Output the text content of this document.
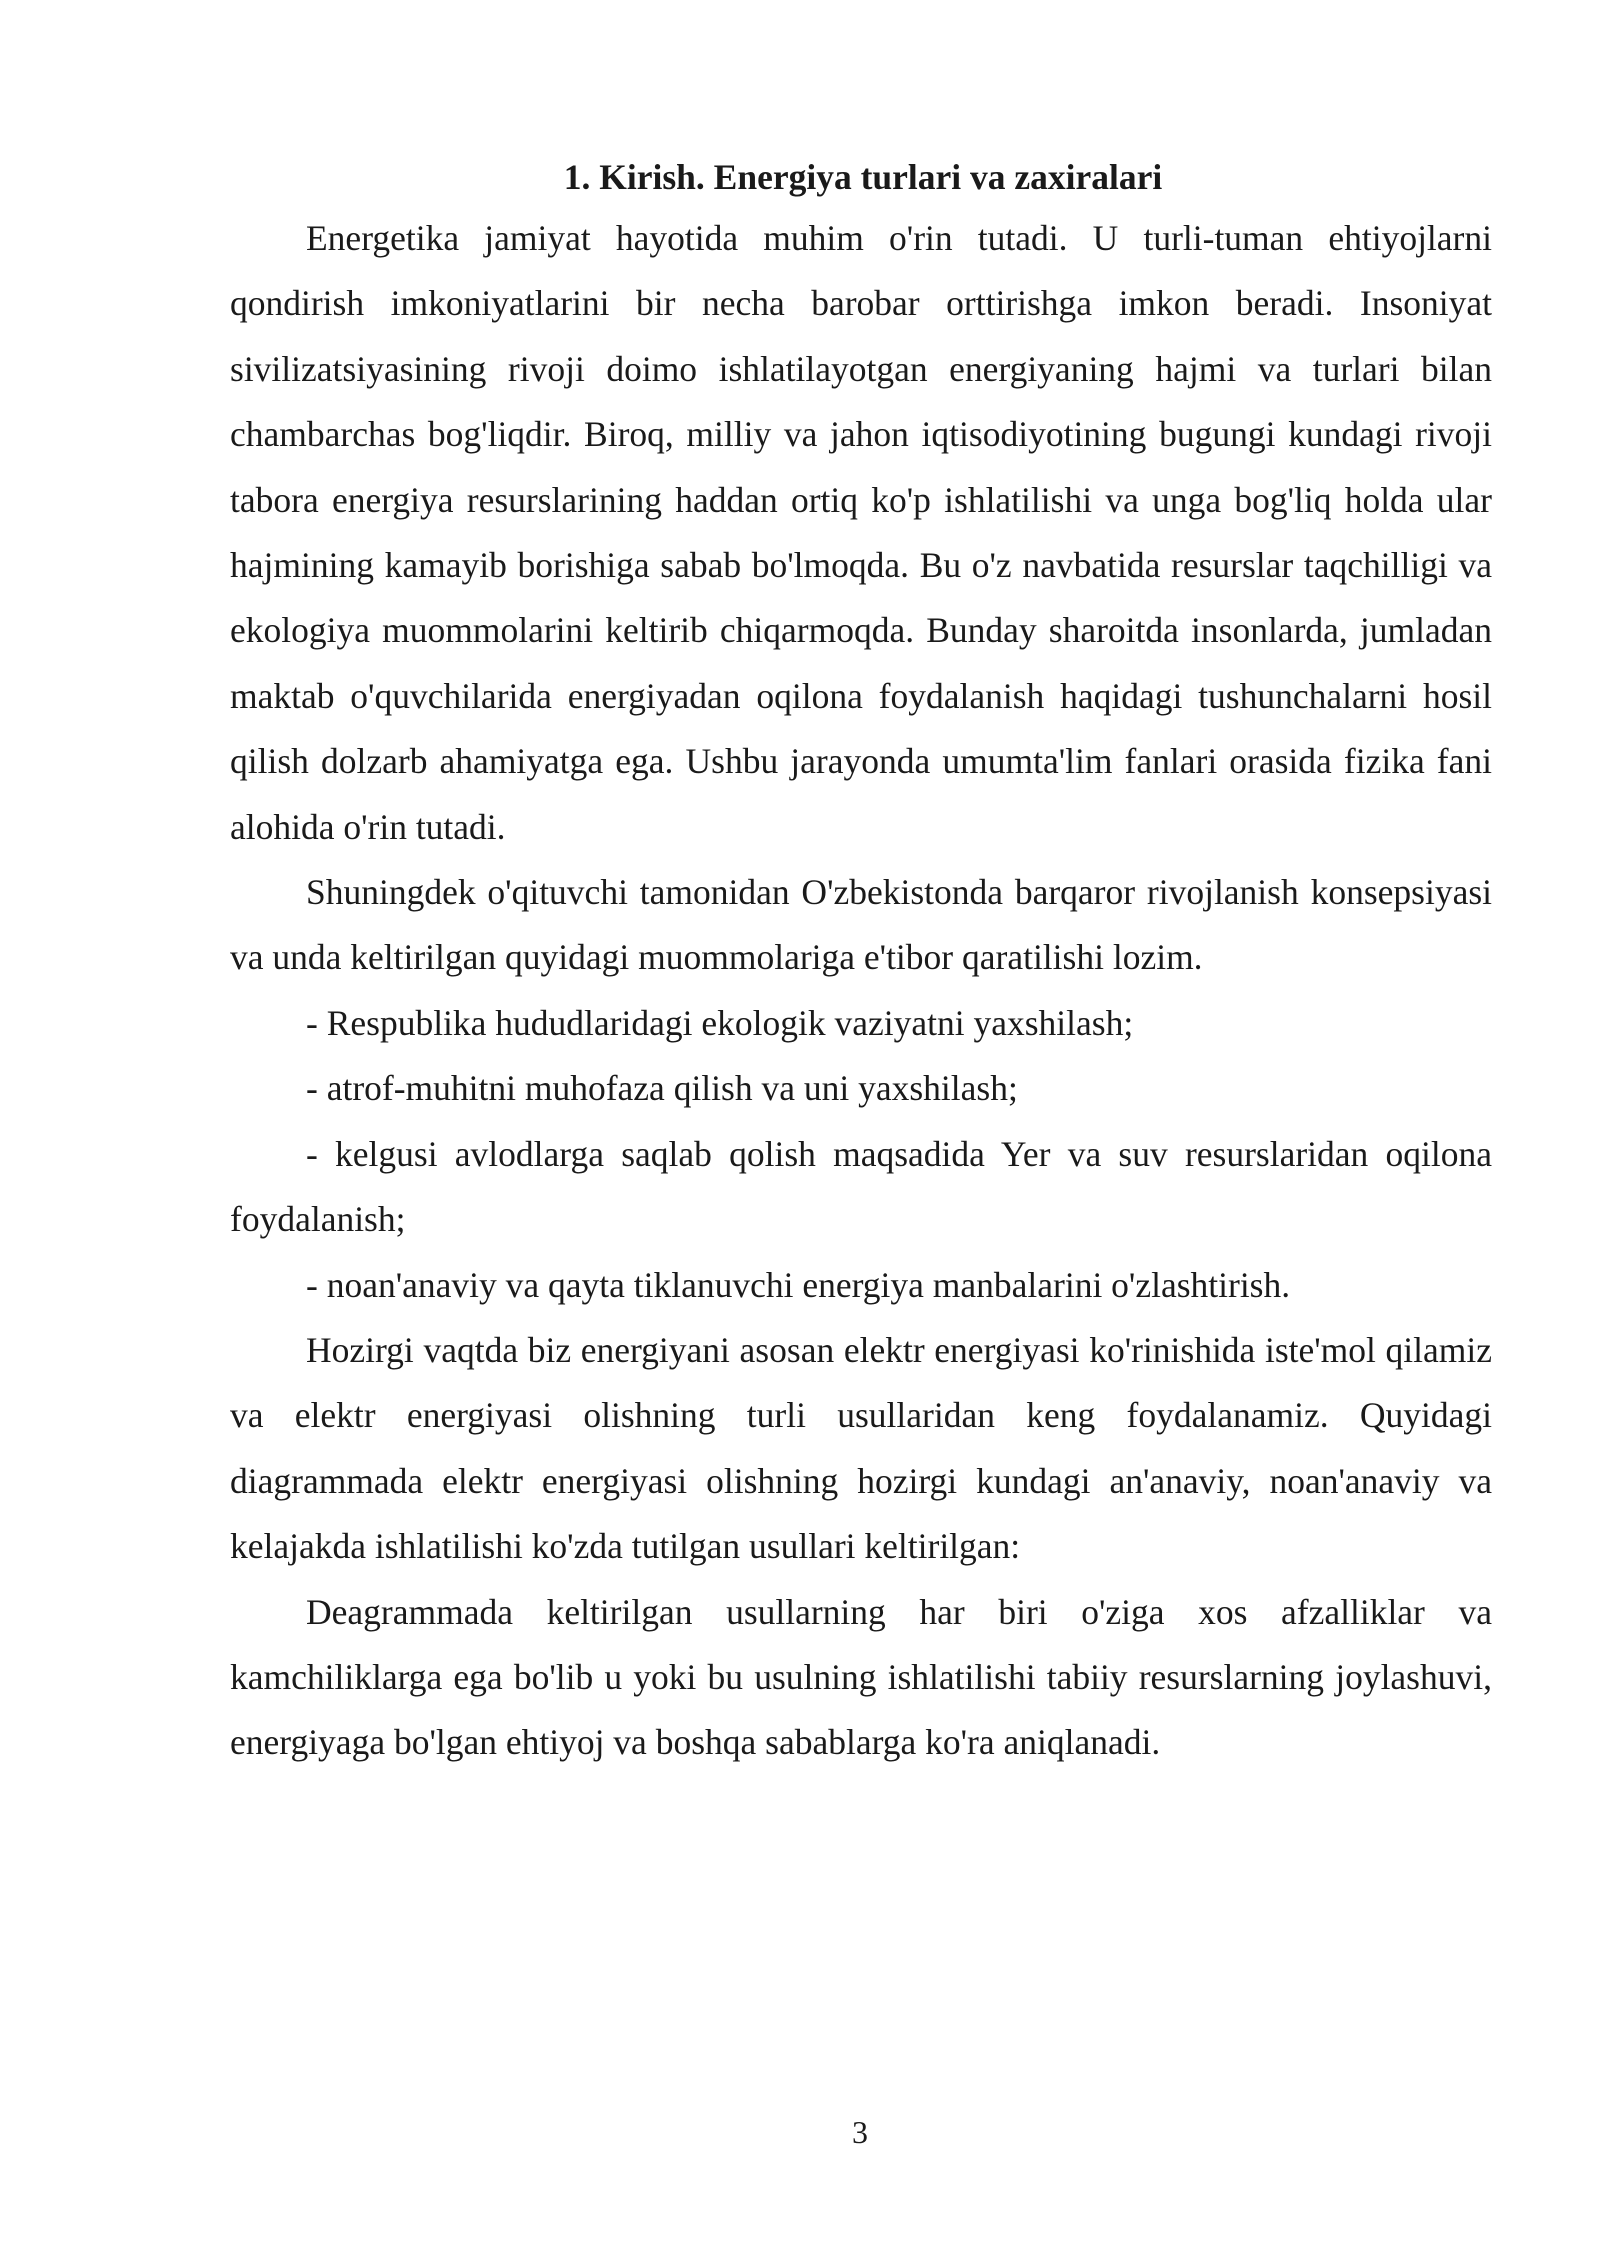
1. Kirish. Energiya turlari va zaxiralari

Energetika jamiyat hayotida muhim o'rin tutadi. U turli-tuman ehtiyojlarni qondirish imkoniyatlarini bir necha barobar orttirishga imkon beradi. Insoniyat sivilizatsiyasining rivoji doimo ishlatilayotgan energiyaning hajmi va turlari bilan chambarchas bog'liqdir. Biroq, milliy va jahon iqtisodiyotining bugungi kundagi rivoji tabora energiya resurslarining haddan ortiq ko'p ishlatilishi va unga bog'liq holda ular hajmining kamayib borishiga sabab bo'lmoqda. Bu o'z navbatida resurslar taqchilligi va ekologiya muommolarini keltirib chiqarmoqda. Bunday sharoitda insonlarda, jumladan maktab o'quvchilarida energiyadan oqilona foydalanish haqidagi tushunchalarni hosil qilish dolzarb ahamiyatga ega. Ushbu jarayonda umumta'lim fanlari orasida fizika fani alohida o'rin tutadi.

Shuningdek o'qituvchi tamonidan O'zbekistonda barqaror rivojlanish konsepsiyasi va unda keltirilgan quyidagi muommolariga e'tibor qaratilishi lozim.

- Respublika hududlaridagi ekologik vaziyatni yaxshilash;

- atrof-muhitni muhofaza qilish va uni yaxshilash;

- kelgusi avlodlarga saqlab qolish maqsadida Yer va suv resurslaridan oqilona foydalanish;

- noan'anaviy va qayta tiklanuvchi energiya manbalarini o'zlashtirish.

Hozirgi vaqtda biz energiyani asosan elektr energiyasi ko'rinishida iste'mol qilamiz va elektr energiyasi olishning turli usullaridan keng foydalanamiz. Quyidagi diagrammada elektr energiyasi olishning hozirgi kundagi an'anaviy, noan'anaviy va kelajakda ishlatilishi ko'zda tutilgan usullari keltirilgan:

Deagrammada keltirilgan usullarning har biri o'ziga xos afzalliklar va kamchiliklarga ega bo'lib u yoki bu usulning ishlatilishi tabiiy resurslarning joylashuvi, energiyaga bo'lgan ehtiyoj va boshqa sabablarga ko'ra aniqlanadi.

3
